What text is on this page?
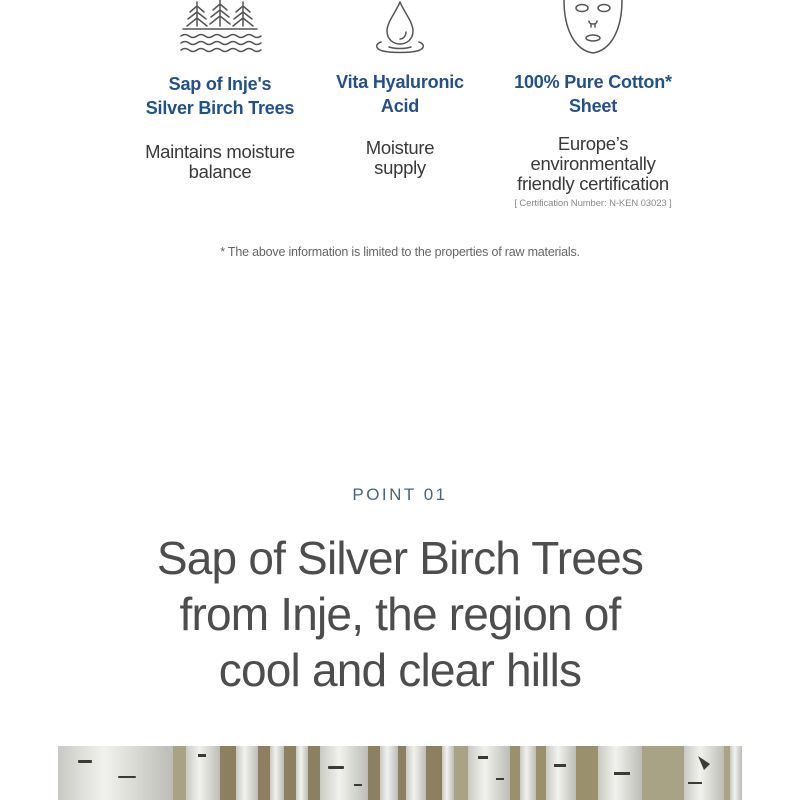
Sap of Inje's
Silver Birch Trees
Maintains moisture
balance
Vita Hyaluronic
Acid
Moisture
supply
100% Pure Cotton*
Sheet
Europe’s
environmentally
friendly certification
[ Certification Number: N-KEN 03023 ]
* The above information is limited to the properties of raw materials.
POINT 01
Sap of Silver Birch Trees
from Inje, the region of
cool and clear hills
